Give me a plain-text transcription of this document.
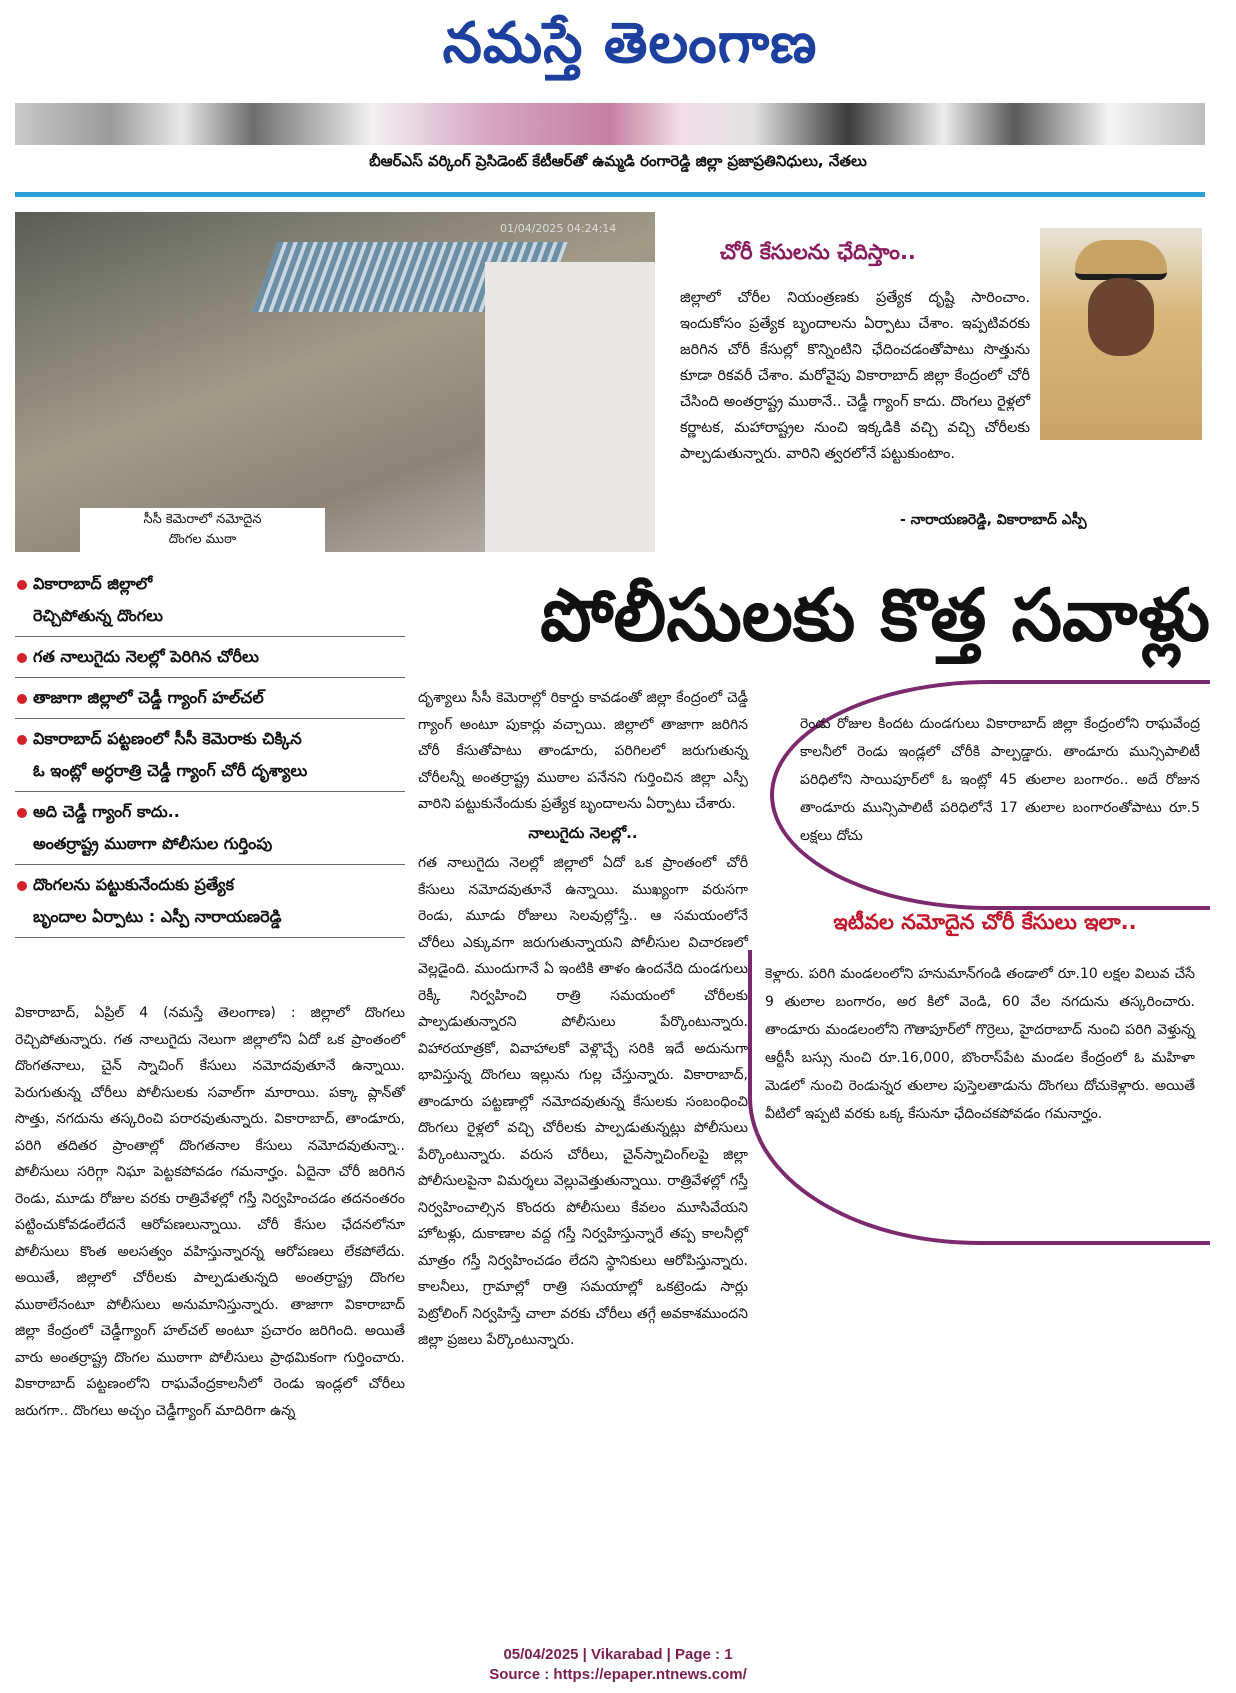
నమస్తే తెలంగాణ
బీఆర్ఎస్ వర్కింగ్ ప్రెసిడెంట్ కేటీఆర్‌తో ఉమ్మడి రంగారెడ్డి జిల్లా ప్రజాప్రతినిధులు, నేతలు
01/04/2025 04:24:14
సీసీ కెమెరాలో నమోదైన
దొంగల ముఠా
చోరీ కేసులను ఛేదిస్తాం..
జిల్లాలో చోరీల నియంత్రణకు ప్రత్యేక దృష్టి సారించాం. ఇందుకోసం ప్రత్యేక బృందాలను ఏర్పాటు చేశాం. ఇప్పటివరకు జరిగిన చోరీ కేసుల్లో కొన్నింటిని ఛేదించడంతోపాటు సొత్తును కూడా రికవరీ చేశాం. మరోవైపు వికారాబాద్ జిల్లా కేంద్రంలో చోరీ చేసింది అంతర్రాష్ట్ర ముఠానే.. చెడ్డీ గ్యాంగ్ కాదు. దొంగలు రైళ్లలో కర్ణాటక, మహారాష్ట్రల నుంచి ఇక్కడికి వచ్చి వచ్చి చోరీలకు పాల్పడుతున్నారు. వారిని త్వరలోనే పట్టుకుంటాం.
- నారాయణరెడ్డి, వికారాబాద్ ఎస్పీ
పోలీసులకు కొత్త సవాళ్లు
వికారాబాద్ జిల్లాలో
రెచ్చిపోతున్న దొంగలు
గత నాలుగైదు నెలల్లో పెరిగిన చోరీలు
తాజాగా జిల్లాలో చెడ్డీ గ్యాంగ్ హల్‌చల్
వికారాబాద్ పట్టణంలో సీసీ కెమెరాకు చిక్కిన
ఓ ఇంట్లో అర్ధరాత్రి చెడ్డీ గ్యాంగ్ చోరీ దృశ్యాలు
అది చెడ్డీ గ్యాంగ్ కాదు..
అంతర్రాష్ట్ర ముఠాగా పోలీసుల గుర్తింపు
దొంగలను పట్టుకునేందుకు ప్రత్యేక
బృందాల ఏర్పాటు : ఎస్పీ నారాయణరెడ్డి
వికారాబాద్, ఏప్రిల్ 4 (నమస్తే తెలంగాణ) : జిల్లాలో దొంగలు రెచ్చిపోతున్నారు. గత నాలుగైదు నెలుగా జిల్లాలోని ఏదో ఒక ప్రాంతంలో దొంగతనాలు, చైన్ స్నాచింగ్ కేసులు నమోదవుతూనే ఉన్నాయి. పెరుగుతున్న చోరీలు పోలీసులకు సవాల్‌గా మారాయి. పక్కా ప్లాన్‌తో సొత్తు, నగదును తస్కరించి పరారవుతున్నారు. వికారాబాద్, తాండూరు, పరిగి తదితర ప్రాంతాల్లో దొంగతనాల కేసులు నమోదవుతున్నా.. పోలీసులు సరిగ్గా నిఘా పెట్టకపోవడం గమనార్హం. ఏదైనా చోరీ జరిగిన రెండు, మూడు రోజుల వరకు రాత్రివేళల్లో గస్తీ నిర్వహించడం తదనంతరం పట్టించుకోవడంలేదనే ఆరోపణలున్నాయి. చోరీ కేసుల ఛేదనలోనూ పోలీసులు కొంత అలసత్వం వహిస్తున్నారన్న ఆరోపణలు లేకపోలేదు. అయితే, జిల్లాలో చోరీలకు పాల్పడుతున్నది అంతర్రాష్ట్ర దొంగల ముఠాలేనంటూ పోలీసులు అనుమానిస్తున్నారు. తాజాగా వికారాబాద్ జిల్లా కేంద్రంలో చెడ్డీగ్యాంగ్ హల్‌చల్ అంటూ ప్రచారం జరిగింది. అయితే వారు అంతర్రాష్ట్ర దొంగల ముఠాగా పోలీసులు ప్రాథమికంగా గుర్తించారు. వికారాబాద్ పట్టణంలోని రాఘవేంద్రకాలనీలో రెండు ఇండ్లలో చోరీలు జరుగగా.. దొంగలు అచ్చం చెడ్డీగ్యాంగ్ మాదిరిగా ఉన్న
దృశ్యాలు సీసీ కెమెరాల్లో రికార్డు కావడంతో జిల్లా కేంద్రంలో చెడ్డీ గ్యాంగ్ అంటూ పుకార్లు వచ్చాయి. జిల్లాలో తాజాగా జరిగిన చోరీ కేసుతోపాటు తాండూరు, పరిగిలలో జరుగుతున్న చోరీలన్నీ అంతర్రాష్ట్ర ముఠాల పనేనని గుర్తించిన జిల్లా ఎస్పీ వారిని పట్టుకునేందుకు ప్రత్యేక బృందాలను ఏర్పాటు చేశారు.
నాలుగైదు నెలల్లో..
గత నాలుగైదు నెలల్లో జిల్లాలో ఏదో ఒక ప్రాంతంలో చోరీ కేసులు నమోదవుతూనే ఉన్నాయి. ముఖ్యంగా వరుసగా రెండు, మూడు రోజులు సెలవుల్లోస్తే.. ఆ సమయంలోనే చోరీలు ఎక్కువగా జరుగుతున్నాయని పోలీసుల విచారణలో వెల్లడైంది. ముందుగానే ఏ ఇంటికి తాళం ఉందనేది దుండగులు రెక్కీ నిర్వహించి రాత్రి సమయంలో చోరీలకు పాల్పడుతున్నారని పోలీసులు పేర్కొంటున్నారు. విహారయాత్రకో, వివాహాలకో వెళ్లొచ్చే సరికి ఇదే అదునుగా భావిస్తున్న దొంగలు ఇల్లును గుల్ల చేస్తున్నారు. వికారాబాద్, తాండూరు పట్టణాల్లో నమోదవుతున్న కేసులకు సంబంధించి దొంగలు రైళ్లలో వచ్చి చోరీలకు పాల్పడుతున్నట్లు పోలీసులు పేర్కొంటున్నారు. వరుస చోరీలు, చైన్‌స్నాచింగ్‌లపై జిల్లా పోలీసులపైనా విమర్శలు వెల్లువెత్తుతున్నాయి. రాత్రివేళల్లో గస్తీ నిర్వహించాల్సిన కొందరు పోలీసులు కేవలం మూసివేయని హోటళ్లు, దుకాణాల వద్ద గస్తీ నిర్వహిస్తున్నారే తప్ప కాలనీల్లో మాత్రం గస్తీ నిర్వహించడం లేదని స్థానికులు ఆరోపిస్తున్నారు. కాలనీలు, గ్రామాల్లో రాత్రి సమయాల్లో ఒకట్రెండు సార్లు పెట్రోలింగ్ నిర్వహిస్తే చాలా వరకు చోరీలు తగ్గే అవకాశముందని జిల్లా ప్రజలు పేర్కొంటున్నారు.
రెండు రోజుల కిందట దుండగులు వికారాబాద్ జిల్లా కేంద్రంలోని రాఘవేంద్ర కాలనీలో రెండు ఇండ్లలో చోరీకి పాల్పడ్డారు. తాండూరు మున్సిపాలిటీ పరిధిలోని సాయిపూర్‌లో ఓ ఇంట్లో 45 తులాల బంగారం.. అదే రోజున తాండూరు మున్సిపాలిటీ పరిధిలోనే 17 తులాల బంగారంతోపాటు రూ.5 లక్షలు దోచు
ఇటీవల నమోదైన చోరీ కేసులు ఇలా..
కెళ్లారు. పరిగి మండలంలోని హనుమాన్‌గండి తండాలో రూ.10 లక్షల విలువ చేసే 9 తులాల బంగారం, అర కిలో వెండి, 60 వేల నగదును తస్కరించారు. తాండూరు మండలంలోని గౌతాపూర్‌లో గొర్రెలు, హైదరాబాద్ నుంచి పరిగి వెళ్తున్న ఆర్టీసీ బస్సు నుంచి రూ.16,000, బొంరాస్‌పేట మండల కేంద్రంలో ఓ మహిళా మెడలో నుంచి రెండున్నర తులాల పుస్తెలతాడును దొంగలు దోచుకెళ్లారు. అయితే వీటిలో ఇప్పటి వరకు ఒక్క కేసునూ ఛేదించకపోవడం గమనార్హం.
05/04/2025 | Vikarabad | Page : 1
Source : https://epaper.ntnews.com/
